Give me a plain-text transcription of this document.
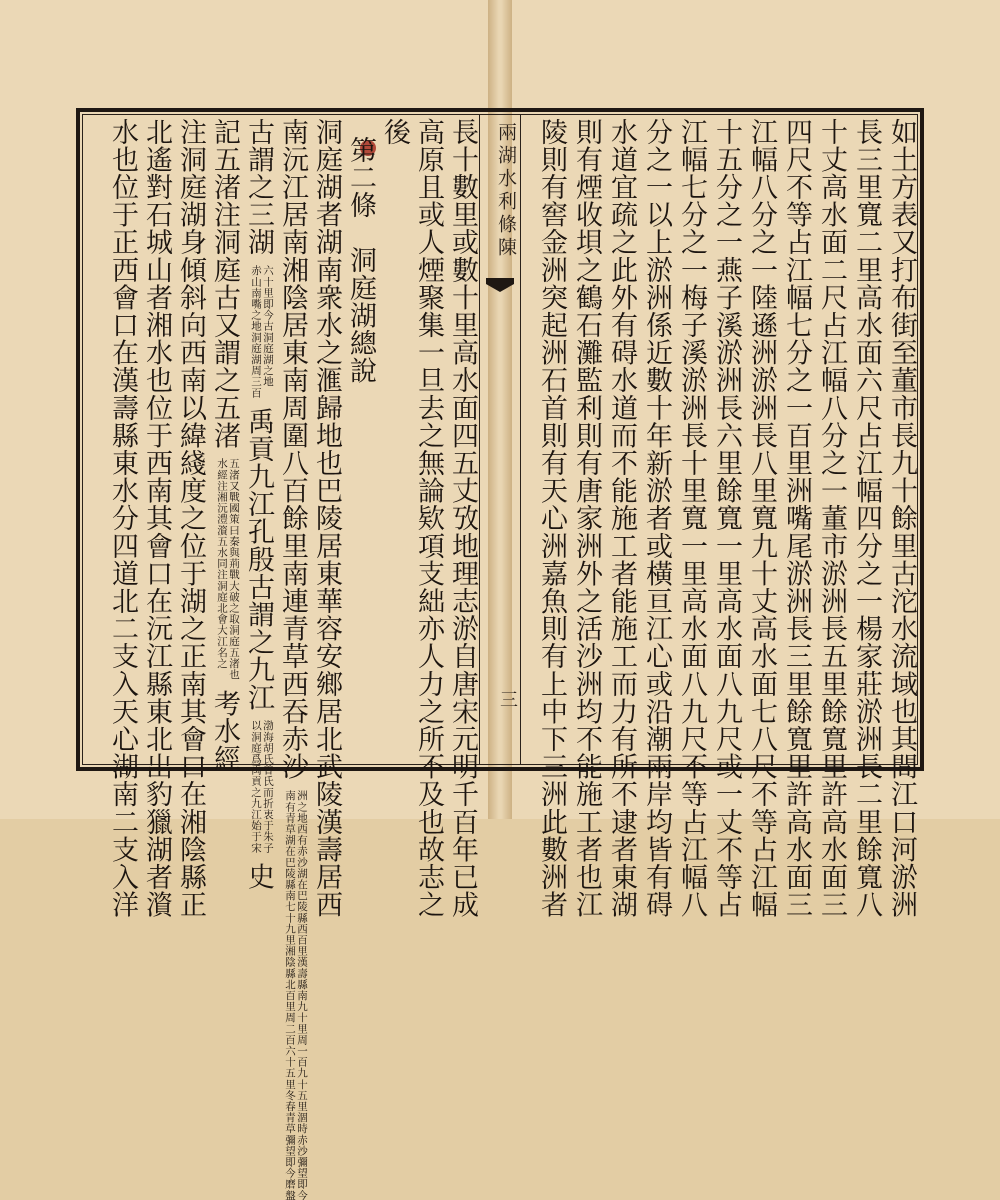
兩湖水利條陳
三	如土方表又打布街至董市長九十餘里古沱水流域也其間江口河淤洲
長三里寬二里高水面六尺占江幅四分之一楊家莊淤洲長二里餘寬八
十丈高水面二尺占江幅八分之一董市淤洲長五里餘寬里許高水面三
四尺不等占江幅七分之一百里洲嘴尾淤洲長三里餘寬里許高水面三
江幅八分之一陸遜洲淤洲長八里寬九十丈高水面七八尺不等占江幅
十五分之一燕子溪淤洲長六里餘寬一里高水面八九尺或一丈不等占
江幅七分之一梅子溪淤洲長十里寬一里高水面八九尺不等占江幅八
分之一以上淤洲係近數十年新淤者或橫亘江心或沿潮兩岸均皆有碍
水道宜疏之此外有碍水道而不能施工者能施工而力有所不逮者東湖
則有煙收垻之鶴石灘監利則有唐家洲外之活沙洲均不能施工者也江
陵則有窖金洲突起洲石首則有天心洲嘉魚則有上中下三洲此數洲者
長十數里或數十里高水面四五丈攷地理志淤自唐宋元明千百年已成
高原且或人煙聚集一旦去之無論欵項支絀亦人力之所不及也故志之
後
第二條　洞庭湖總說
洞庭湖者湖南衆水之滙歸地也巴陵居東華容安鄉居北武陵漢壽居西
南沅江居南湘陰居東南周圍八百餘里南連青草西吞赤沙 南有青草湖在巴陵縣南七十九里湘陰縣北百里周二百六十五里冬春青草彌望即今磨盤洲之地西有赤沙湖在巴陵縣西百里漢壽縣南九十里周一百九十五里涸時赤沙彌望即今
古謂之三湖 赤山南嘴之地洞庭湖周三百六十里即今古洞庭湖之地 禹貢九江孔殷古謂之九江 以洞庭爲禹貢之九江始于宋渤海胡氏曾氏而折衷于朱子 史
記五渚注洞庭古又謂之五渚 水經注湘沅澧澬五水同注洞庭北會大江名之五渚又戰國策曰秦與荊戰大破之取洞庭五渚也 考水經
注洞庭湖身傾斜向西南以緯綫度之位于湖之正南其會口在湘陰縣正
北遙對石城山者湘水也位于西南其會口在沅江縣東北出豹獵湖者澬
水也位于正西會口在漢壽縣東水分四道北二支入天心湖南二支入洋
